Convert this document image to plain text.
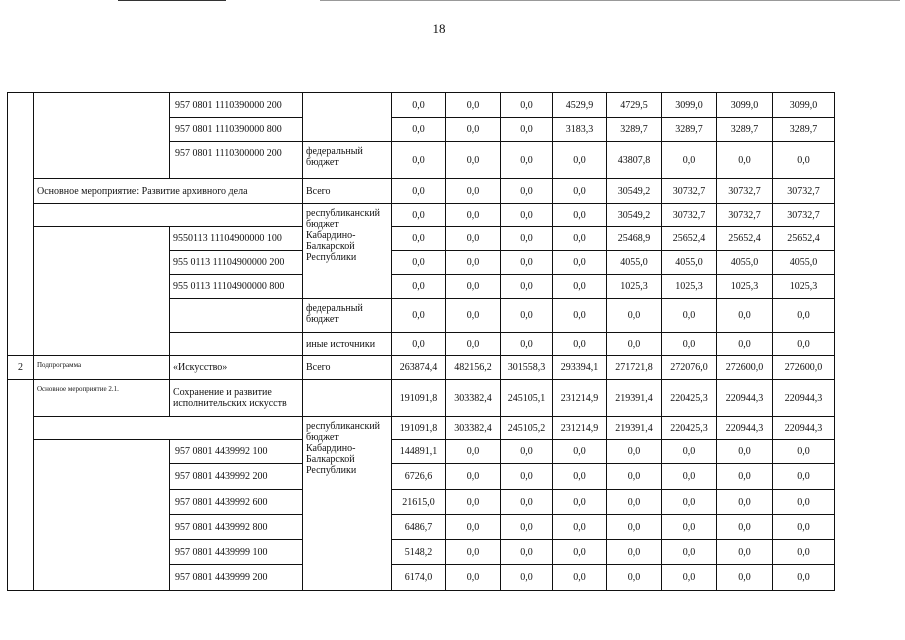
18
		957 0801 1110390000 200		0,0	0,0	0,0	4529,9	4729,5	3099,0	3099,0	3099,0
		957 0801 1110390000 800		0,0	0,0	0,0	3183,3	3289,7	3289,7	3289,7	3289,7
		957 0801 1110300000 200	федеральный бюджет	0,0	0,0	0,0	0,0	43807,8	0,0	0,0	0,0
	Основное мероприятие: Развитие архивного дела		Всего	0,0	0,0	0,0	0,0	30549,2	30732,7	30732,7	30732,7
			республиканский бюджет Кабардино-Балкарской Республики	0,0	0,0	0,0	0,0	30549,2	30732,7	30732,7	30732,7
		9550113 11104900000 100		0,0	0,0	0,0	0,0	25468,9	25652,4	25652,4	25652,4
		955 0113 11104900000 200		0,0	0,0	0,0	0,0	4055,0	4055,0	4055,0	4055,0
		955 0113 11104900000 800		0,0	0,0	0,0	0,0	1025,3	1025,3	1025,3	1025,3
			федеральный бюджет	0,0	0,0	0,0	0,0	0,0	0,0	0,0	0,0
			иные источники	0,0	0,0	0,0	0,0	0,0	0,0	0,0	0,0
2	Подпрограмма	«Искусство»	Всего	263874,4	482156,2	301558,3	293394,1	271721,8	272076,0	272600,0	272600,0
	Основное мероприятие 2.1.	Сохранение и развитие исполнительских искусств		191091,8	303382,4	245105,1	231214,9	219391,4	220425,3	220944,3	220944,3
			республиканский бюджет Кабардино-Балкарской Республики	191091,8	303382,4	245105,2	231214,9	219391,4	220425,3	220944,3	220944,3
		957 0801 4439992 100		144891,1	0,0	0,0	0,0	0,0	0,0	0,0	0,0
		957 0801 4439992 200		6726,6	0,0	0,0	0,0	0,0	0,0	0,0	0,0
		957 0801 4439992 600		21615,0	0,0	0,0	0,0	0,0	0,0	0,0	0,0
		957 0801 4439992 800		6486,7	0,0	0,0	0,0	0,0	0,0	0,0	0,0
		957 0801 4439999 100		5148,2	0,0	0,0	0,0	0,0	0,0	0,0	0,0
		957 0801 4439999 200		6174,0	0,0	0,0	0,0	0,0	0,0	0,0	0,0
